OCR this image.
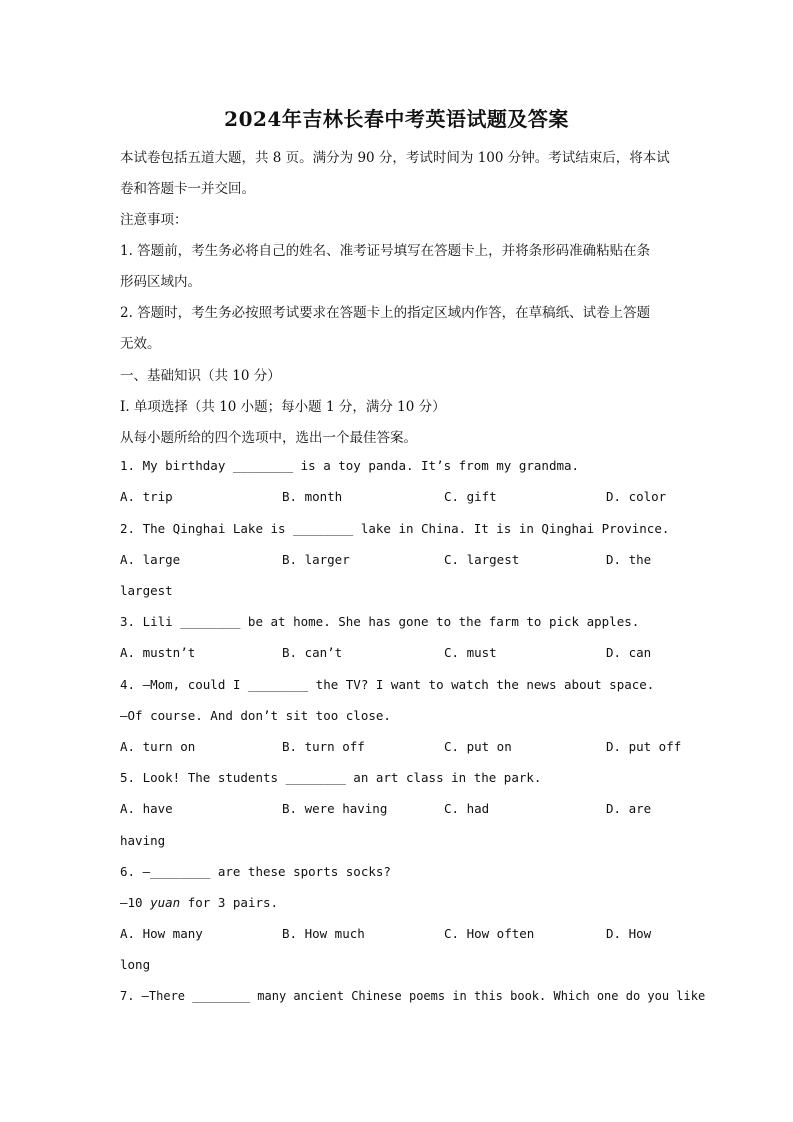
2024年吉林长春中考英语试题及答案
本试卷包括五道大题，共 8 页。满分为 90 分，考试时间为 100 分钟。考试结束后，将本试
卷和答题卡一并交回。
注意事项：
1. 答题前，考生务必将自己的姓名、准考证号填写在答题卡上，并将条形码准确粘贴在条
形码区域内。
2. 答题时，考生务必按照考试要求在答题卡上的指定区域内作答，在草稿纸、试卷上答题
无效。
一、基础知识（共 10 分）
Ⅰ. 单项选择（共 10 小题；每小题 1 分，满分 10 分）
从每小题所给的四个选项中，选出一个最佳答案。
1. My birthday ________ is a toy panda. It’s from my grandma.
A. trip	B. month	C. gift	D. color
2. The Qinghai Lake is ________ lake in China. It is in Qinghai Province.
A. large	B. larger	C. largest	D. the
largest
3. Lili ________ be at home. She has gone to the farm to pick apples.
A. mustn’t	B. can’t	C. must	D. can
4. —Mom, could I ________ the TV? I want to watch the news about space.
—Of course. And don’t sit too close.
A. turn on	B. turn off	C. put on	D. put off
5. Look! The students ________ an art class in the park.
A. have	B. were having	C. had	D. are
having
6. —________ are these sports socks?
—10 yuan for 3 pairs.
A. How many	B. How much	C. How often	D. How
long
7. —There ________ many ancient Chinese poems in this book. Which one do you like
